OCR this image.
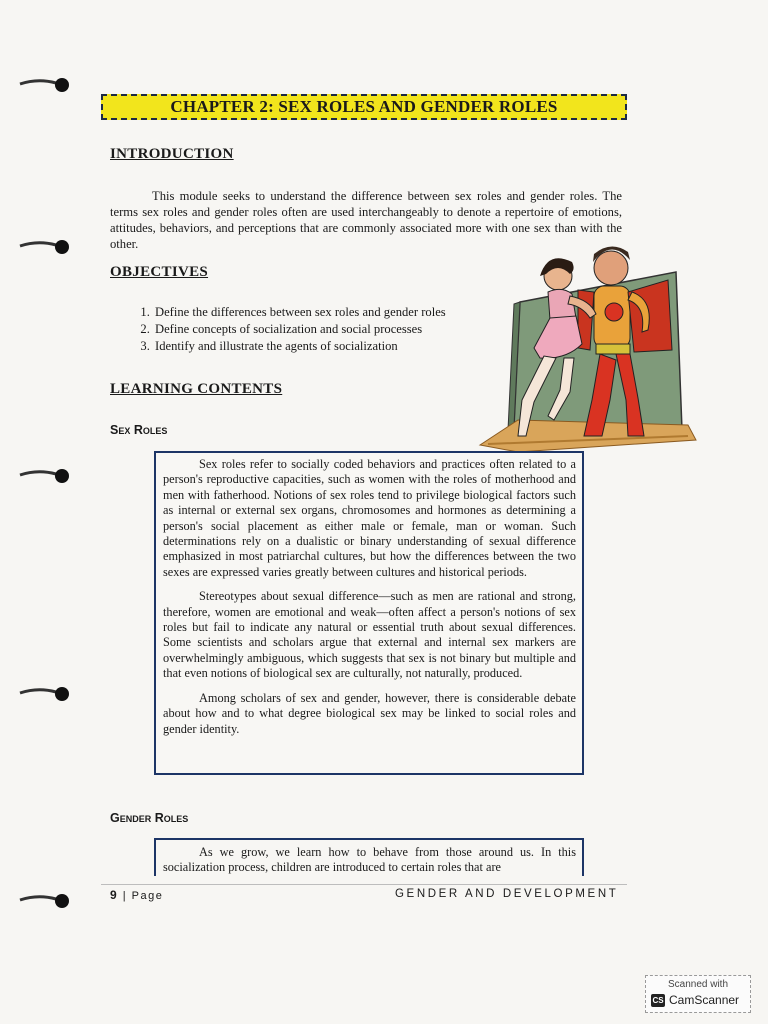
CHAPTER 2: SEX ROLES AND GENDER ROLES
INTRODUCTION
This module seeks to understand the difference between sex roles and gender roles. The terms sex roles and gender roles often are used interchangeably to denote a repertoire of emotions, attitudes, behaviors, and perceptions that are commonly associated more with one sex than with the other.
OBJECTIVES
1. Define the differences between sex roles and gender roles
2. Define concepts of socialization and social processes
3. Identify and illustrate the agents of socialization
LEARNING CONTENTS
Sex Roles

Sex roles refer to socially coded behaviors and practices often related to a person's reproductive capacities, such as women with the roles of motherhood and men with fatherhood. Notions of sex roles tend to privilege biological factors such as internal or external sex organs, chromosomes and hormones as determining a person's social placement as either male or female, man or woman. Such determinations rely on a dualistic or binary understanding of sexual difference emphasized in most patriarchal cultures, but how the differences between the two sexes are expressed varies greatly between cultures and historical periods.

Stereotypes about sexual difference—such as men are rational and strong, therefore, women are emotional and weak—often affect a person's notions of sex roles but fail to indicate any natural or essential truth about sexual differences. Some scientists and scholars argue that external and internal sex markers are overwhelmingly ambiguous, which suggests that sex is not binary but multiple and that even notions of biological sex are culturally, not naturally, produced.

Among scholars of sex and gender, however, there is considerable debate about how and to what degree biological sex may be linked to social roles and gender identity.

Gender Roles

As we grow, we learn how to behave from those around us. In this socialization process, children are introduced to certain roles that are

9 | Page	GENDER AND DEVELOPMENT
Scanned with
CS CamScanner
